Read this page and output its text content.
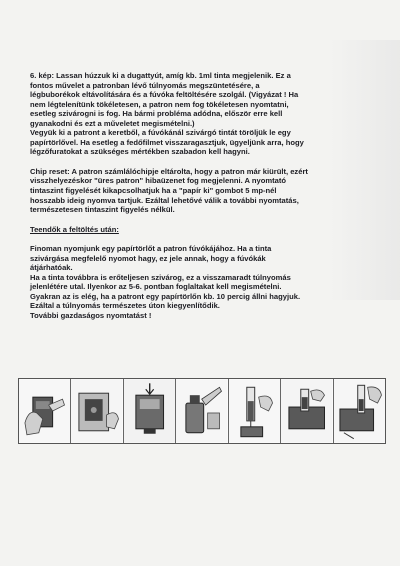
6. kép: Lassan húzzuk ki a dugattyút, amíg kb. 1ml tinta megjelenik. Ez a
fontos művelet a patronban lévő túlnyomás megszüntetésére, a
légbuborékok eltávolítására és a fúvóka feltöltésére szolgál. (Vigyázat ! Ha
nem légtelenítünk tökéletesen, a patron nem fog tökéletesen nyomtatni,
esetleg szivárogni is fog. Ha bármi probléma adódna, először erre kell
gyanakodni és ezt a műveletet megismételni.)
Vegyük ki a patront a keretből, a fúvókánál szivárgó tintát töröljük le egy
papírtörlővel. Ha esetleg a fedőfilmet visszaragasztjuk, ügyeljünk arra, hogy
légzőfuratokat a szükséges mértékben szabadon kell hagyni.

Chip reset: A patron számlálóchipje eltárolta, hogy a patron már kiürült, ezért
visszhelyezéskor "üres patron" hibaüzenet fog megjelenni. A nyomtató
tintaszint figyelését kikapcsolhatjuk ha a "papír ki" gombot 5 mp-nél
hosszabb ideig nyomva tartjuk. Ezáltal lehetővé válik a további nyomtatás,
természetesen tintaszint figyelés nélkül.

Teendők a feltöltés után:

Finoman nyomjunk egy papírtörlőt a patron fúvókájához. Ha a tinta
szivárgása megfelelő nyomot hagy, ez jele annak, hogy a fúvókák
átjárhatóak.
Ha a tinta továbbra is erőteljesen szivárog, ez a visszamaradt túlnyomás
jelenlétére utal. Ilyenkor az 5-6. pontban foglaltakat kell megismételni.
Gyakran az is elég, ha a patront egy papírtörlőn kb. 10 percig állni hagyjuk.
Ezáltal a túlnyomás természetes úton kiegyenlítődik.
További gazdaságos nyomtatást !
